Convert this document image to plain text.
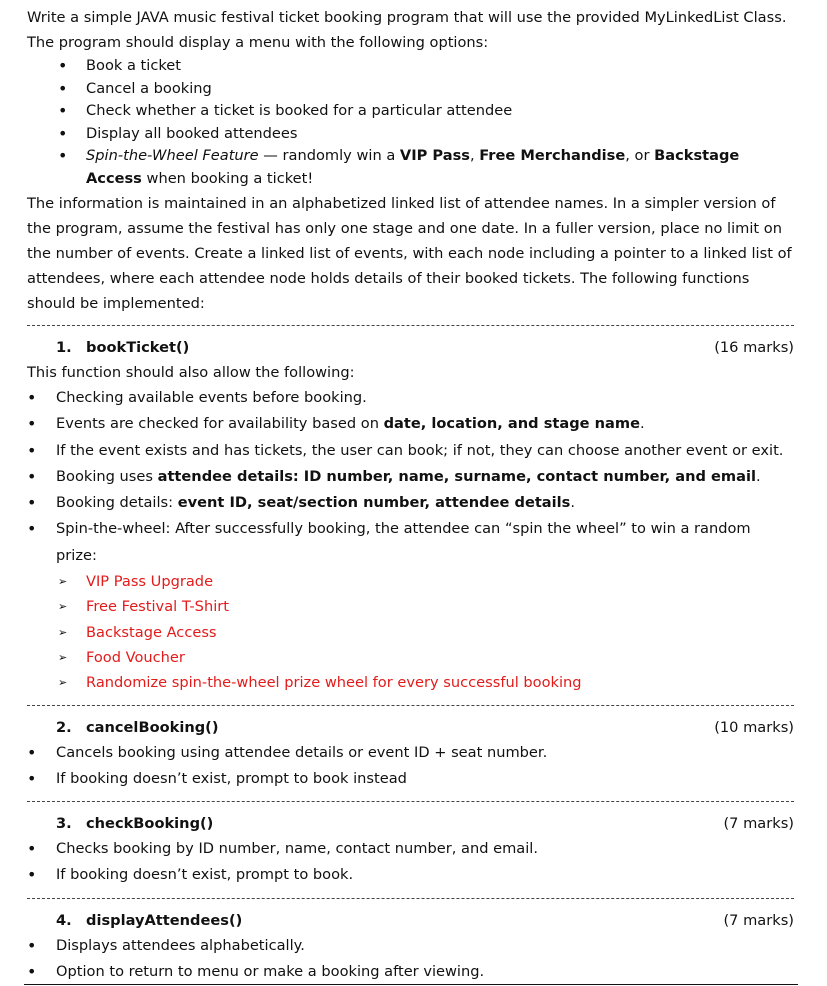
Write a simple JAVA music festival ticket booking program that will use the provided MyLinkedList Class.

The program should display a menu with the following options:

• Book a ticket
• Cancel a booking
• Check whether a ticket is booked for a particular attendee
• Display all booked attendees
• Spin-the-Wheel Feature — randomly win a VIP Pass, Free Merchandise, or Backstage Access when booking a ticket!

The information is maintained in an alphabetized linked list of attendee names. In a simpler version of the program, assume the festival has only one stage and one date. In a fuller version, place no limit on the number of events. Create a linked list of events, with each node including a pointer to a linked list of attendees, where each attendee node holds details of their booked tickets. The following functions should be implemented:

1. bookTicket()	(16 marks)

This function should also allow the following:

• Checking available events before booking.
• Events are checked for availability based on date, location, and stage name.
• If the event exists and has tickets, the user can book; if not, they can choose another event or exit.
• Booking uses attendee details: ID number, name, surname, contact number, and email.
• Booking details: event ID, seat/section number, attendee details.
• Spin-the-wheel: After successfully booking, the attendee can “spin the wheel” to win a random prize:
➢ VIP Pass Upgrade
➢ Free Festival T-Shirt
➢ Backstage Access
➢ Food Voucher
➢ Randomize spin-the-wheel prize wheel for every successful booking
2. cancelBooking()	(10 marks)
• Cancels booking using attendee details or event ID + seat number.
• If booking doesn’t exist, prompt to book instead
3. checkBooking()	(7 marks)
• Checks booking by ID number, name, contact number, and email.
• If booking doesn’t exist, prompt to book.
4. displayAttendees()	(7 marks)
• Displays attendees alphabetically.
• Option to return to menu or make a booking after viewing.
